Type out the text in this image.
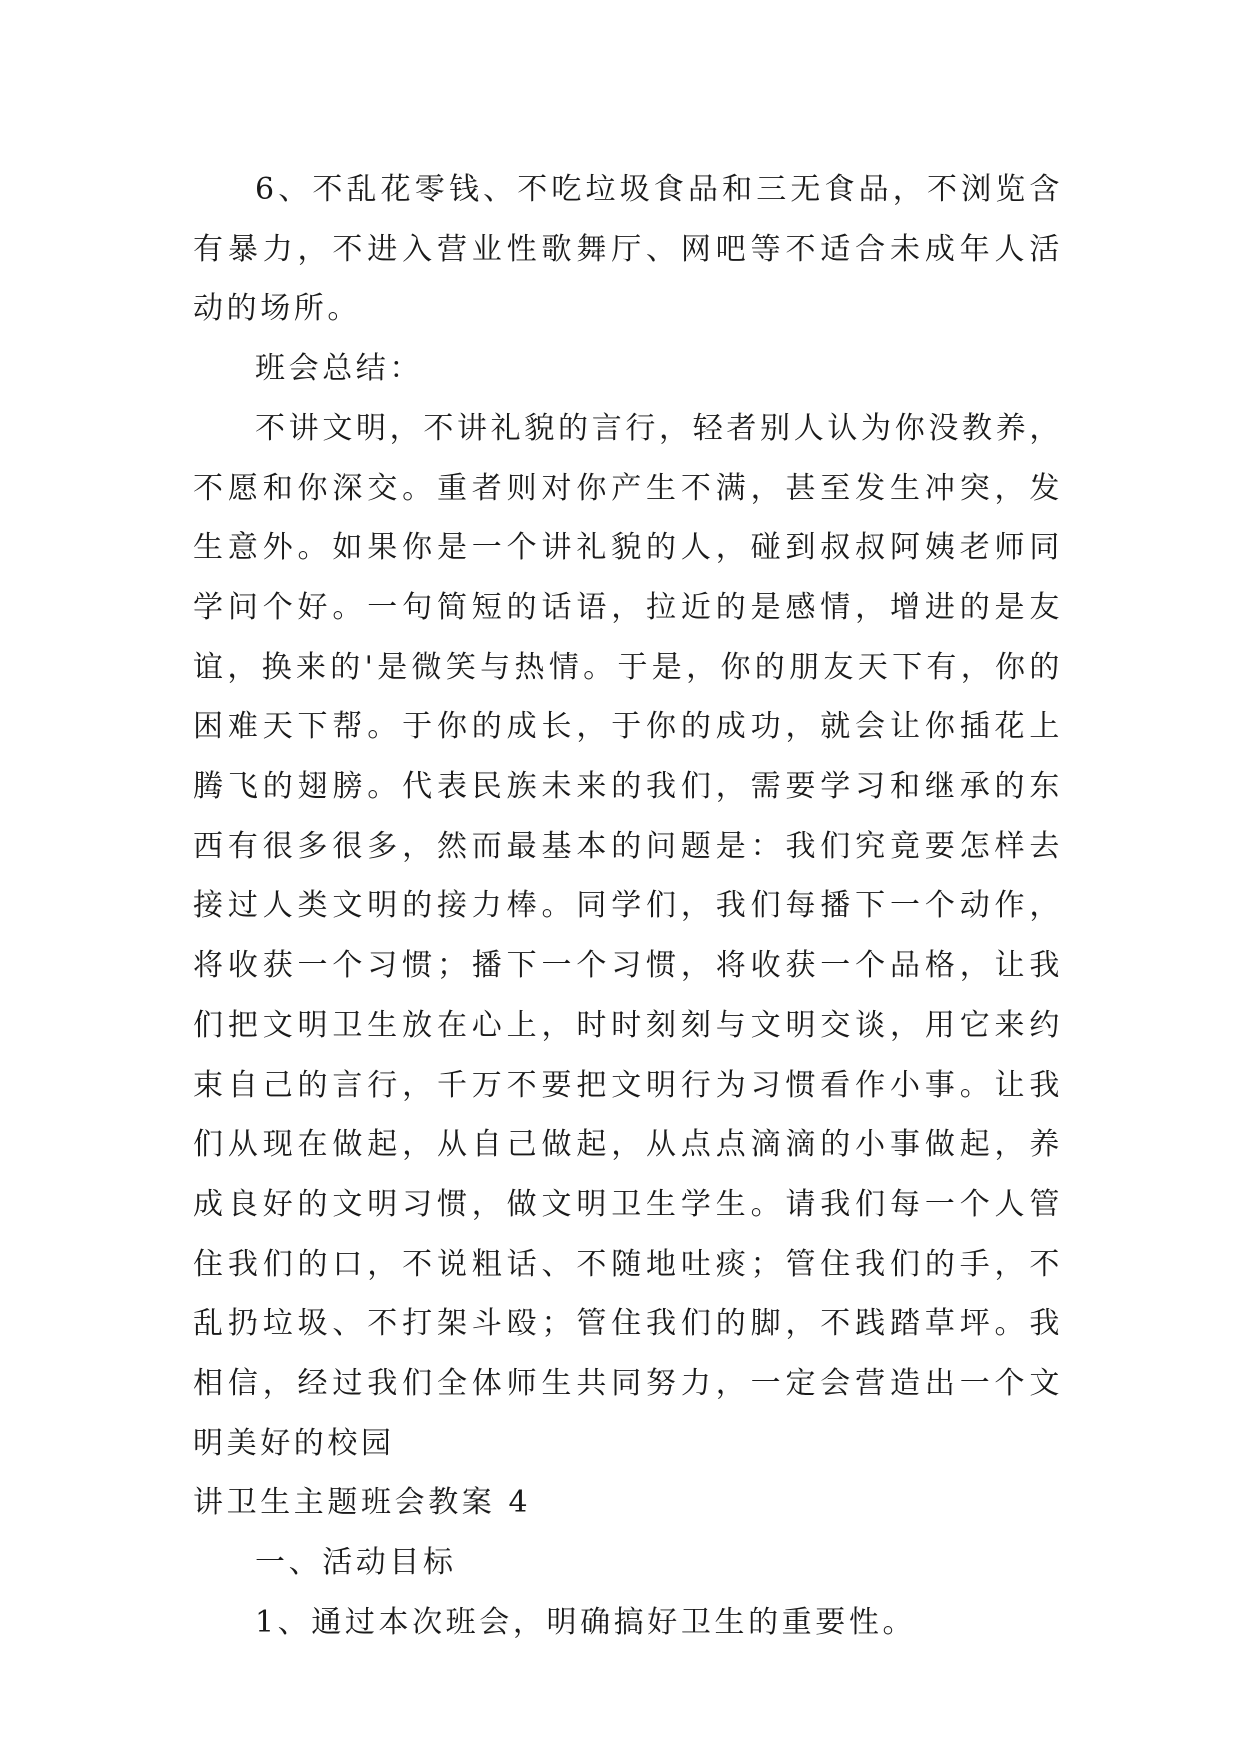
6、不乱花零钱、不吃垃圾食品和三无食品，不浏览含有暴力，不进入营业性歌舞厅、网吧等不适合未成年人活动的场所。

班会总结：

不讲文明，不讲礼貌的言行，轻者别人认为你没教养，不愿和你深交。重者则对你产生不满，甚至发生冲突，发生意外。如果你是一个讲礼貌的人，碰到叔叔阿姨老师同学问个好。一句简短的话语，拉近的是感情，增进的是友谊，换来的'是微笑与热情。于是，你的朋友天下有，你的困难天下帮。于你的成长，于你的成功，就会让你插花上腾飞的翅膀。代表民族未来的我们，需要学习和继承的东西有很多很多，然而最基本的问题是：我们究竟要怎样去接过人类文明的接力棒。同学们，我们每播下一个动作，将收获一个习惯；播下一个习惯，将收获一个品格，让我们把文明卫生放在心上，时时刻刻与文明交谈，用它来约束自己的言行，千万不要把文明行为习惯看作小事。让我们从现在做起，从自己做起，从点点滴滴的小事做起，养成良好的文明习惯，做文明卫生学生。请我们每一个人管住我们的口，不说粗话、不随地吐痰；管住我们的手，不乱扔垃圾、不打架斗殴；管住我们的脚，不践踏草坪。我相信，经过我们全体师生共同努力，一定会营造出一个文明美好的校园

讲卫生主题班会教案 4

一、活动目标

1、通过本次班会，明确搞好卫生的重要性。
